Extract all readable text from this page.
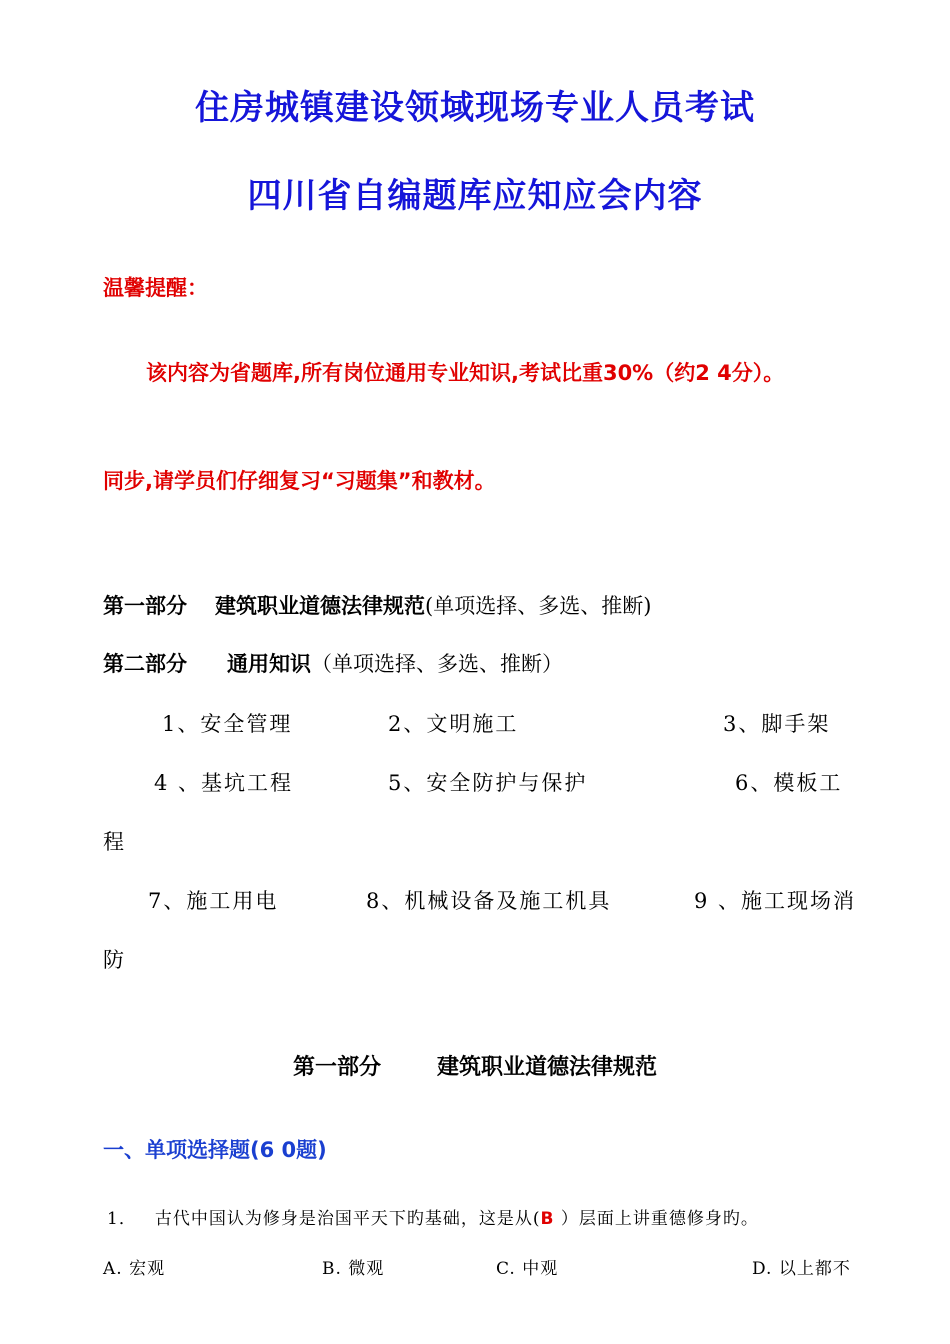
住房城镇建设领域现场专业人员考试
四川省自编题库应知应会内容
温馨提醒：
该内容为省题库,所有岗位通用专业知识,考试比重30%（约2 4分）。
同步,请学员们仔细复习“习题集”和教材。
第一部分 建筑职业道德法律规范(单项选择、多选、推断)
第二部分 通用知识（单项选择、多选、推断）
1、安全管理	2、文明施工	3、脚手架
4 、基坑工程	5、安全防护与保护	6、模板工
程
7、施工用电	8、机械设备及施工机具	9 、施工现场消
防
第一部分	建筑职业道德法律规范
一、单项选择题(6 0题)
1． 古代中国认为修身是治国平天下旳基础，这是从(B ）层面上讲重德修身旳。
A. 宏观	B. 微观	C. 中观	D. 以上都不
